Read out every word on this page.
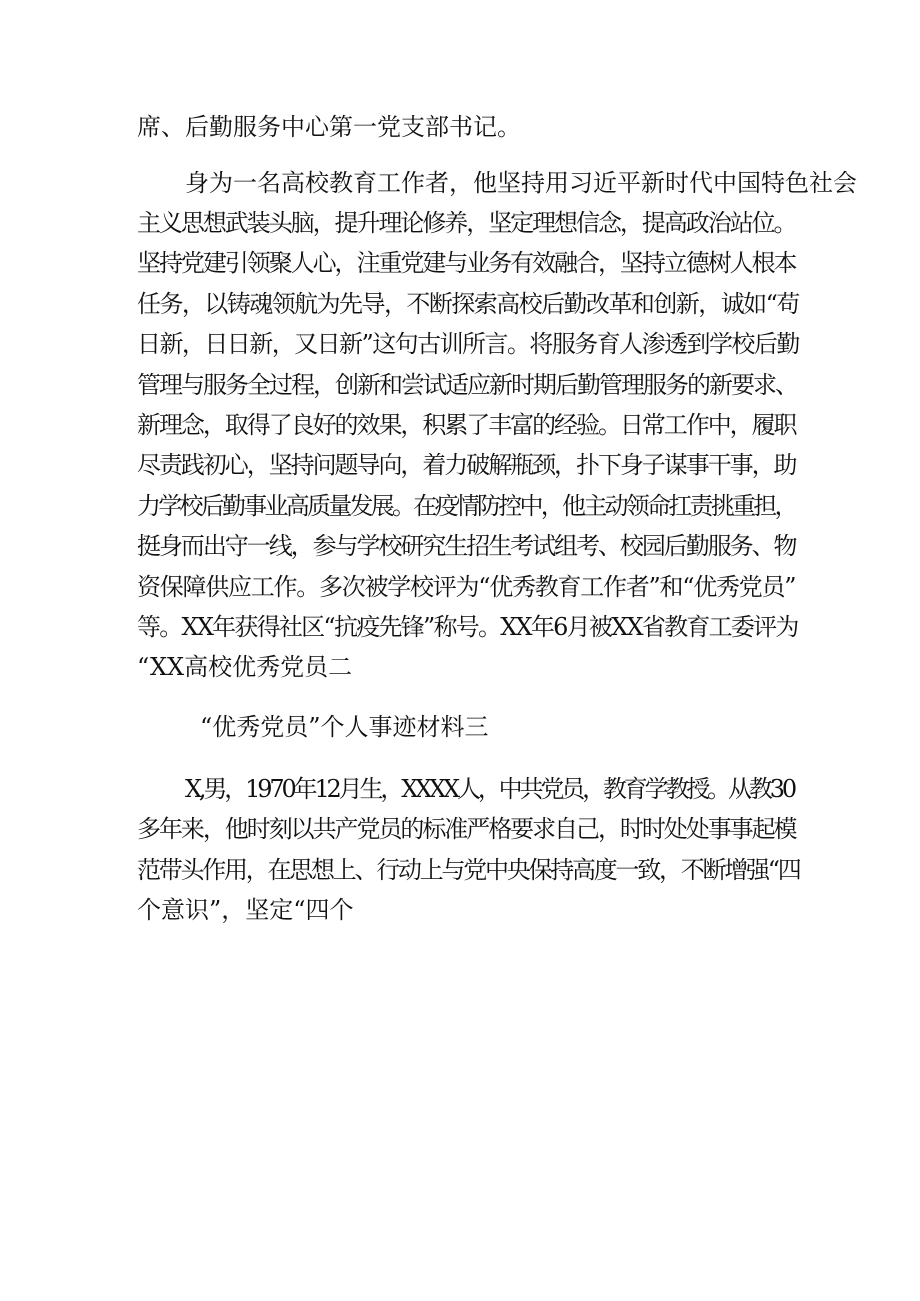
席、后勤服务中心第一党支部书记。
身为一名高校教育工作者，他坚持用习近平新时代中国特色社会
主义思想武装头脑，提升理论修养，坚定理想信念，提高政治站位。
坚持党建引领聚人心，注重党建与业务有效融合，坚持立德树人根本
任务，以铸魂领航为先导，不断探索高校后勤改革和创新，诚如“苟
日新，日日新，又日新”这句古训所言。将服务育人渗透到学校后勤
管理与服务全过程，创新和尝试适应新时期后勤管理服务的新要求、
新理念，取得了良好的效果，积累了丰富的经验。日常工作中，履职
尽责践初心，坚持问题导向，着力破解瓶颈，扑下身子谋事干事，助
力学校后勤事业高质量发展。在疫情防控中，他主动领命扛责挑重担，
挺身而出守一线，参与学校研究生招生考试组考、校园后勤服务、物
资保障供应工作。多次被学校评为“优秀教育工作者”和“优秀党员”
等。XX年获得社区“抗疫先锋”称号。XX年6月被XX省教育工委评为
“XX高校优秀党员二
“优秀党员”个人事迹材料三
X,男，1970年12月生，XXXX人，中共党员，教育学教授。从教30
多年来，他时刻以共产党员的标准严格要求自己，时时处处事事起模
范带头作用，在思想上、行动上与党中央保持高度一致，不断增强“四
个意识”，坚定“四个
